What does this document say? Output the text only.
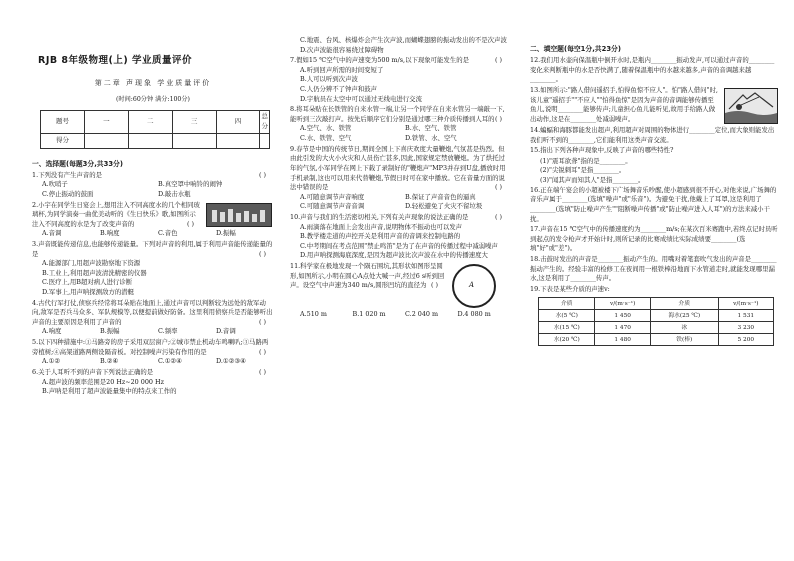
RJB 8年级物理(上) 学业质量评价
第二章 声现象 学业质量评价
(时间:60分钟 满分:100分)
题号	一	二	三	四	总分
得分					
一、选择题(每题3分,共33分)
1.下列没有产生声音的是	( )
A.吹哨子	B.真空罩中响铃的闹钟
C.停止振动的鼓面	D.敲击水瓶
2.小宇在同学生日宴会上,想用注入不同高度水的几个相同玻璃杯,为同学演奏一曲优美动听的《生日快乐》歌,如图所示注入不同高度的水是为了改变声音的	( )
A.音调	B.响度	C.音色	D.振幅
3.声音既能传递信息,也能够传递能量。下列对声音的利用,属于利用声音能传递能量的是	( )
A.能源部门,用超声波勘察地下资源
B.工业上,利用超声波清洗精密的仪器
C.医疗上,用B超对病人进行诊断
D.军事上,用声呐探测敌方的潜艇
4.古代行军打仗,侦察兵经常将耳朵贴在地面上,通过声音可以判断较为远处的敌军动向,敌军是否兵马众多、军队规模等,以便提前做好防备。这里利用侦察兵是否能够听出声音的主要原因是利用了声音的	( )
A.响度	B.振幅	C.频率	D.音调
5.以下四种措施中:①马路旁的房子采用双层窗户;②城市禁止机动车鸣喇叭;③马路两旁植树;④高架道路两侧设隔音板。对控制噪声污染有作用的是	( )
A.①②	B.②④	C.①②④	D.①②③④
6.关于人耳听不到的声音下列说法正确的是	( )
A.超声波的频率范围是20 Hz~20 000 Hz
B.声呐是利用了超声波能量集中的特点来工作的
C.地震、台风、核爆炸会产生次声波,而蝴蝶翅膀的振动发出的不是次声波
D.次声波能很容易绕过障碍物
7.假如15 ℃空气中的声速变为500 m/s,以下现象可能发生的是	( )
A.听到回声所需的时间变短了
B.人可以听到次声波
C.人仍分辨不了钟声和鼓声
D.宇航员在太空中可以通过无线电进行交流
8.将耳朵贴在长铁管的自来水管一端,让另一个同学在自来水管另一端敲一下,能听到三次敲打声。按先后顺序它们分别是通过哪三种介质传播到人耳的 ( )
A.空气、水、铁管	B.水、空气、铁管
C.水、铁管、空气	D.铁管、水、空气
9.春节是中国的传统节日,期间全国上下喜庆欢度大量鞭炮,气氛甚是热烈。但由此引发的大火小火灾和人员伤亡甚多,因此,国家规定禁放鞭炮。为了烘托过年的气氛,小军同学在网上下载了录制好的"鞭炮声"MP3并存到U盘,播放时用手机录制,这也可以用来代替鞭炮,节假日时可在家中播放。它在音量方面的说法中错误的是	( )
A.可随意调节声音响度	B.保证了声音音色的逼真
C.可随意调节声音音调	D.轻松避免了火灾不留垃圾
10.声音与我们的生活密切相关,下列有关声现象的说法正确的是	( )
A.雨滴落在地面上会发出声音,说明物体不振动也可以发声
B.教学楼走道的声控开关是利用声音的音调来控制电路的
C.中考期间在考点范围"禁止鸣笛"是为了在声音的传播过程中减弱噪声
D.用声呐探测海底深度,是因为超声波比次声波在水中的传播速度大
A
11.科学家在极地发现一个陨石围坑,其形状如图形呈圆形,如图所示,小明在圆心A点处大喊一声,经过6 s听到回声。设空气中声速为340 m/s,圆形凹坑的直径为 ( )
A.510 m	B.1 020 m	C.2 040 m	D.4 080 m
二、填空题(每空1分,共23分)
12.我们用水壶向保温瓶中倒开水时,是瓶内________振动发声,可以通过声音的________变化来判断瓶中的水是否快满了,随着保温瓶中的水越来越多,声音的音调越来越________。
13.如图所示:"路人借问遥招手,怕得鱼惊不应人"。怕"路人借问"时,该儿童"遥招手""不应人""怕得鱼惊"是因为声音的音调能够传播至鱼儿,说明________能够传声;儿童担心鱼儿能听见,故用手给路人做出动作,这是在________处减弱噪声。
14.蝙蝠和海豚都能发出超声,利用超声对周围的物体进行________定位,而大象则能发出我们听不到的________,它们能利用这类声音交流。
15.指出下列各种声现象中,反映了声音的哪些特性?
(1)"震耳欲聋"指的是________。
(2)"尖锐刺耳"是指________。
(3)"闻其声而知其人"是指________。
16.正在端午宴会的小超被楼下广场舞音乐吵醒,使小超感到很不开心,对他来说,广场舞的音乐声属于________(选填"噪声"或"乐音")。为避免干扰,他戴上了耳罩,这是利用了________(选填"防止噪声产生""阻断噪声传播"或"防止噪声进入人耳")的方法来减小干扰。
17.声音在15 ℃空气中的传播速度约为________m/s;在某次百米赛跑中,若终点记时员听到起点的发令枪声才开始计时,则所记录的比赛成绩比实际成绩要________(选填"好"或"差")。
18.击鼓时发出的声音是________振动产生的。用嘴对着笔套吹气发出的声音是________振动产生的。经验丰富的检修工在夜间用一根铁棒沿地面下水管道走时,就能发现哪里漏水,这是利用了________传声。
19.下表是某些介质的声速v:
介质	v/(m·s⁻¹)	介质	v/(m·s⁻¹)
水(5 ℃)	1 450	海水(25 ℃)	1 531
水(15 ℃)	1 470	冰	3 230
水(20 ℃)	1 480	铁(棒)	5 200
